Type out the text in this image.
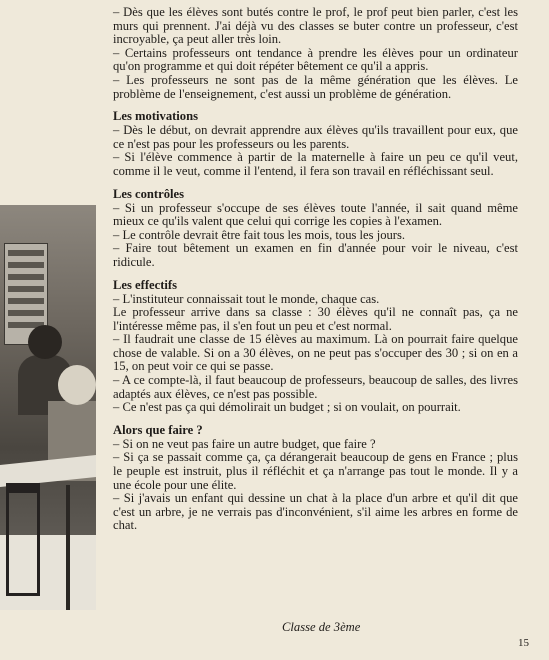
– Dès que les élèves sont butés contre le prof, le prof peut bien parler, c'est les murs qui prennent. J'ai déjà vu des classes se buter contre un professeur, c'est incroyable, ça peut aller très loin.

– Certains professeurs ont tendance à prendre les élèves pour un ordinateur qu'on programme et qui doit répéter bêtement ce qu'il a appris.

– Les professeurs ne sont pas de la même génération que les élèves. Le problème de l'enseignement, c'est aussi un problème de génération.

Les motivations

– Dès le début, on devrait apprendre aux élèves qu'ils travaillent pour eux, que ce n'est pas pour les professeurs ou les parents.

– Si l'élève commence à partir de la maternelle à faire un peu ce qu'il veut, comme il le veut, comme il l'entend, il fera son travail en réfléchissant seul.

Les contrôles

– Si un professeur s'occupe de ses élèves toute l'année, il sait quand même mieux ce qu'ils valent que celui qui corrige les copies à l'examen.

– Le contrôle devrait être fait tous les mois, tous les jours.

– Faire tout bêtement un examen en fin d'année pour voir le niveau, c'est ridicule.

Les effectifs

– L'instituteur connaissait tout le monde, chaque cas.

Le professeur arrive dans sa classe : 30 élèves qu'il ne connaît pas, ça ne l'intéresse même pas, il s'en fout un peu et c'est normal.

– Il faudrait une classe de 15 élèves au maximum. Là on pourrait faire quelque chose de valable. Si on a 30 élèves, on ne peut pas s'occuper des 30 ; si on en a 15, on peut voir ce qui se passe.

– A ce compte-là, il faut beaucoup de professeurs, beaucoup de salles, des livres adaptés aux élèves, ce n'est pas possible.

– Ce n'est pas ça qui démolirait un budget ; si on voulait, on pourrait.

Alors que faire ?

– Si on ne veut pas faire un autre budget, que faire ?

– Si ça se passait comme ça, ça dérangerait beaucoup de gens en France ; plus le peuple est instruit, plus il réfléchit et ça n'arrange pas tout le monde. Il y a une école pour une élite.

– Si j'avais un enfant qui dessine un chat à la place d'un arbre et qu'il dit que c'est un arbre, je ne verrais pas d'inconvénient, s'il aime les arbres en forme de chat.

Classe de 3ème
15
